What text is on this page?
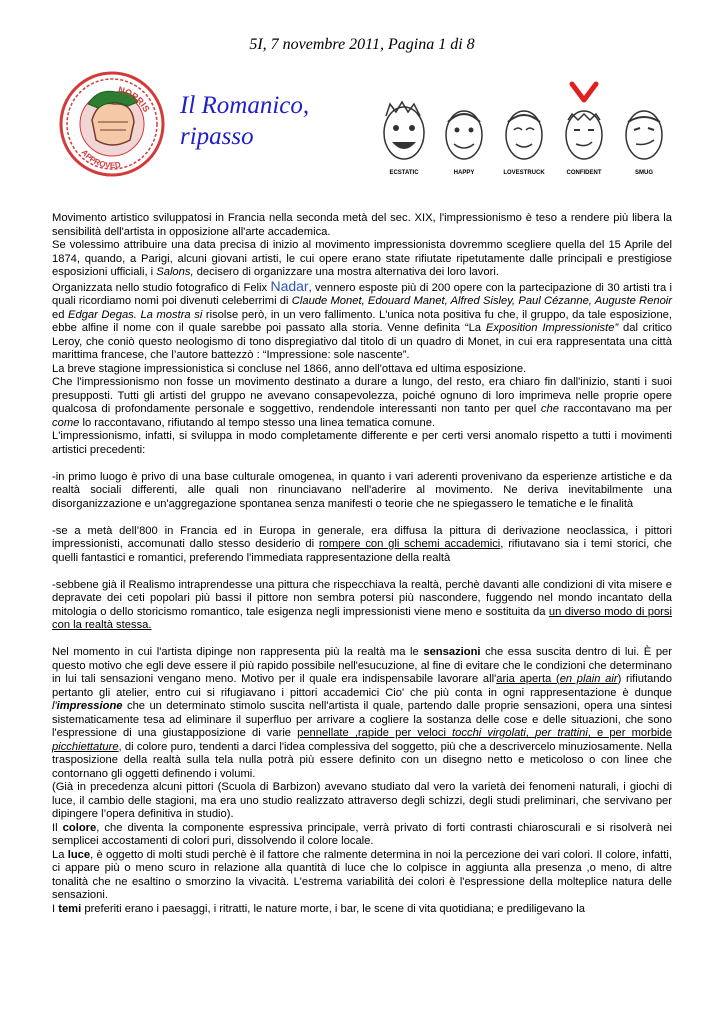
5I, 7 novembre 2011, Pagina 1 di 8
NORRIS
APPROVED
Il Romanico,
ripasso
ECSTATIC	HAPPY	LOVESTRUCK	CONFIDENT	SMUG

Movimento artistico sviluppatosi in Francia nella seconda metà del sec. XIX, l'impressionismo è teso a rendere più libera la sensibilità dell'artista in opposizione all'arte accademica.

Se volessimo attribuire una data precisa di inizio al movimento impressionista dovremmo scegliere quella del 15 Aprile del 1874, quando, a Parigi, alcuni giovani artisti, le cui opere erano state rifiutate ripetutamente dalle principali e prestigiose esposizioni ufficiali, i Salons, decisero di organizzare una mostra alternativa dei loro lavori.

Organizzata nello studio fotografico di Felix Nadar, vennero esposte più di 200 opere con la partecipazione di 30 artisti tra i quali ricordiamo nomi poi divenuti celeberrimi di Claude Monet, Edouard Manet, Alfred Sisley, Paul Cézanne, Auguste Renoir ed Edgar Degas. La mostra si risolse però, in un vero fallimento. L'unica nota positiva fu che, il gruppo, da tale esposizione, ebbe alfine il nome con il quale sarebbe poi passato alla storia. Venne definita “La Exposition Impressioniste” dal critico Leroy, che coniò questo neologismo di tono dispregiativo dal titolo di un quadro di Monet, in cui era rappresentata una città marittima francese, che l’autore battezzò : “Impressione: sole nascente”.

La breve stagione impressionistica si concluse nel 1866, anno dell'ottava ed ultima esposizione.

Che l'impressionismo non fosse un movimento destinato a durare a lungo, del resto, era chiaro fin dall'inizio, stanti i suoi presupposti. Tutti gli artisti del gruppo ne avevano consapevolezza, poiché ognuno di loro imprimeva nelle proprie opere qualcosa di profondamente personale e soggettivo, rendendole interessanti non tanto per quel che raccontavano ma per come lo raccontavano, rifiutando al tempo stesso una linea tematica comune.

L'impressionismo, infatti, si sviluppa in modo completamente differente e per certi versi anomalo rispetto a tutti i movimenti artistici precedenti:

-in primo luogo è privo di una base culturale omogenea, in quanto i vari aderenti provenivano da esperienze artistiche e da realtà sociali differenti, alle quali non rinunciavano nell'aderire al movimento. Ne deriva inevitabilmente una disorganizzazione e un'aggregazione spontanea senza manifesti o teorie che ne spiegassero le tematiche e le finalità

-se a metà dell’800 in Francia ed in Europa in generale, era diffusa la pittura di derivazione neoclassica, i pittori impressionisti, accomunati dallo stesso desiderio di rompere con gli schemi accademici, rifiutavano sia i temi storici, che quelli fantastici e romantici, preferendo l'immediata rappresentazione della realtà

-sebbene già il Realismo intraprendesse una pittura che rispecchiava la realtà, perchè davanti alle condizioni di vita misere e depravate dei ceti popolari più bassi il pittore non sembra potersi più nascondere, fuggendo nel mondo incantato della mitologia o dello storicismo romantico, tale esigenza negli impressionisti viene meno e sostituita da un diverso modo di porsi con la realtà stessa.

Nel momento in cui l'artista dipinge non rappresenta più la realtà ma le sensazioni che essa suscita dentro di lui. È per questo motivo che egli deve essere il più rapido possibile nell'esucuzione, al fine di evitare che le condizioni che determinano in lui tali sensazioni vengano meno. Motivo per il quale era indispensabile lavorare all'aria aperta (en plain air) rifiutando pertanto gli atelier, entro cui si rifugiavano i pittori accademici Cio' che più conta in ogni rappresentazione è dunque l'impressione che un determinato stimolo suscita nell'artista il quale, partendo dalle proprie sensazioni, opera una sintesi sistematicamente tesa ad eliminare il superfluo per arrivare a cogliere la sostanza delle cose e delle situazioni, che sono l'espressione di una giustapposizione di varie pennellate ,rapide per veloci tocchi virgolati, per trattini, e per morbide picchiettature, di colore puro, tendenti a darci l'idea complessiva del soggetto, più che a descrivercelo minuziosamente. Nella trasposizione della realtà sulla tela nulla potrà più essere definito con un disegno netto e meticoloso o con linee che contornano gli oggetti definendo i volumi.

(Già in precedenza alcuni pittori (Scuola di Barbizon) avevano studiato dal vero la varietà dei fenomeni naturali, i giochi di luce, il cambio delle stagioni, ma era uno studio realizzato attraverso degli schizzi, degli studi preliminari, che servivano per dipingere l’opera definitiva in studio).

Il colore, che diventa la componente espressiva principale, verrà privato di forti contrasti chiaroscurali e si risolverà nei semplicei accostamenti di colori puri, dissolvendo il colore locale.

La luce, è oggetto di molti studi perchè è il fattore che ralmente determina in noi la percezione dei vari colori. Il colore, infatti, ci appare più o meno scuro in relazione alla quantità di luce che lo colpisce in aggiunta alla presenza ,o meno, di altre tonalità che ne esaltino o smorzino la vivacità. L'estrema variabilità dei colori è l'espressione della molteplice natura delle sensazioni.

I temi preferiti erano i paesaggi, i ritratti, le nature morte, i bar, le scene di vita quotidiana; e prediligevano la
